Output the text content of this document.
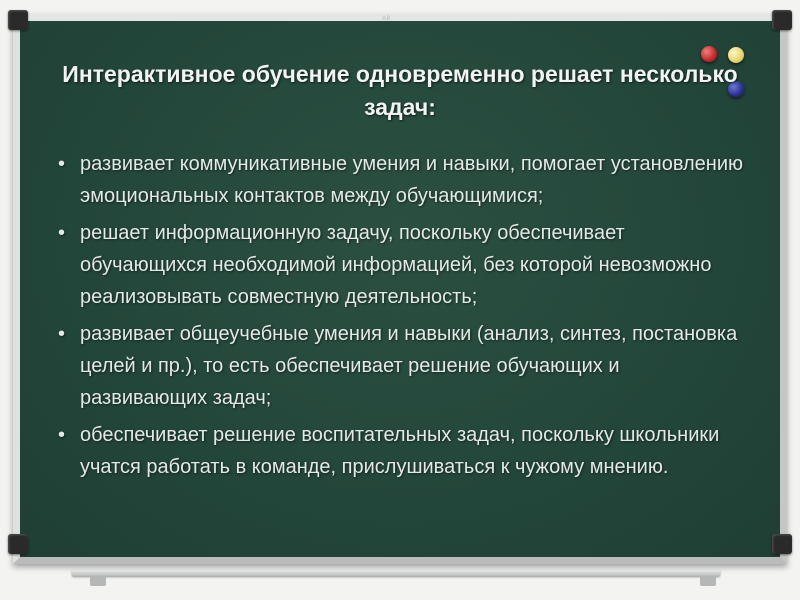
A8
Интерактивное обучение одновременно решает несколько задач:
• развивает коммуникативные умения и навыки, помогает установлению эмоциональных контактов между обучающимися;
• решает информационную задачу, поскольку обеспечивает обучающихся необходимой информацией, без которой невозможно реализовывать совместную деятельность;
• развивает общеучебные умения и навыки (анализ, синтез, постановка целей и пр.), то есть обеспечивает решение обучающих и развивающих задач;
• обеспечивает решение воспитательных задач, поскольку школьники учатся работать в команде, прислушиваться к чужому мнению.
